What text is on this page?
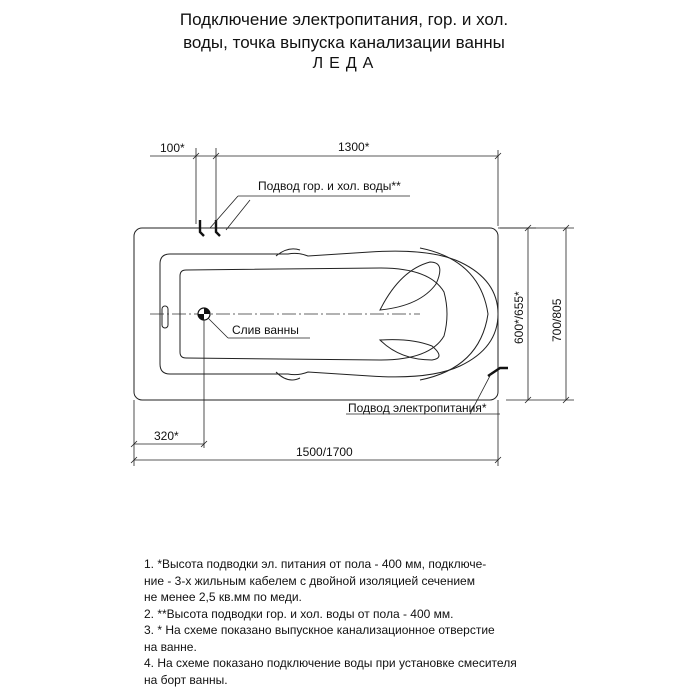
Подключение электропитания, гор. и хол.
воды, точка выпуска канализации ванны
ЛЕДА
Слив ванны
Подвод гор. и хол. воды**
Подвод электропитания*
100*	1300*
600*/655* 700/805
320*
1500/1700
1. *Высота подводки эл. питания от пола - 400 мм, подключе-
ние - 3-х жильным кабелем с двойной изоляцией сечением
не менее 2,5 кв.мм по меди.
2. **Высота подводки гор. и хол. воды от пола - 400 мм.
3. * На схеме показано выпускное канализационное отверстие
на ванне.
4. На схеме показано подключение воды при установке смесителя
на борт ванны.
